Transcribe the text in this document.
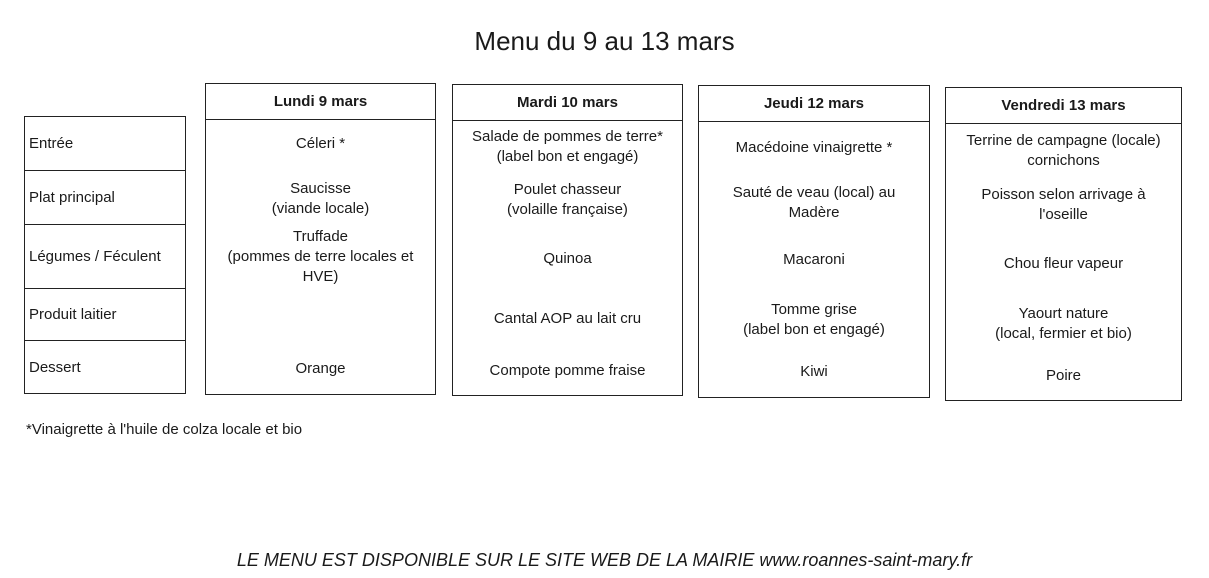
Menu du 9 au 13 mars
Entrée
Plat principal
Légumes / Féculent
Produit laitier
Dessert
Lundi 9 mars
Céleri *
Saucisse
(viande locale)
Truffade
(pommes de terre locales et
HVE)
Orange
Mardi 10 mars
Salade de pommes de terre*
(label bon et engagé)
Poulet chasseur
(volaille française)
Quinoa
Cantal AOP au lait cru
Compote pomme fraise
Jeudi 12 mars
Macédoine vinaigrette *
Sauté de veau (local) au
Madère
Macaroni
Tomme grise
(label bon et engagé)
Kiwi
Vendredi 13 mars
Terrine de campagne (locale)
cornichons
Poisson selon arrivage à
l'oseille
Chou fleur vapeur
Yaourt nature
(local, fermier et bio)
Poire
*Vinaigrette à l'huile de colza locale et bio
LE MENU EST DISPONIBLE SUR LE SITE WEB DE LA MAIRIE www.roannes-saint-mary.fr
